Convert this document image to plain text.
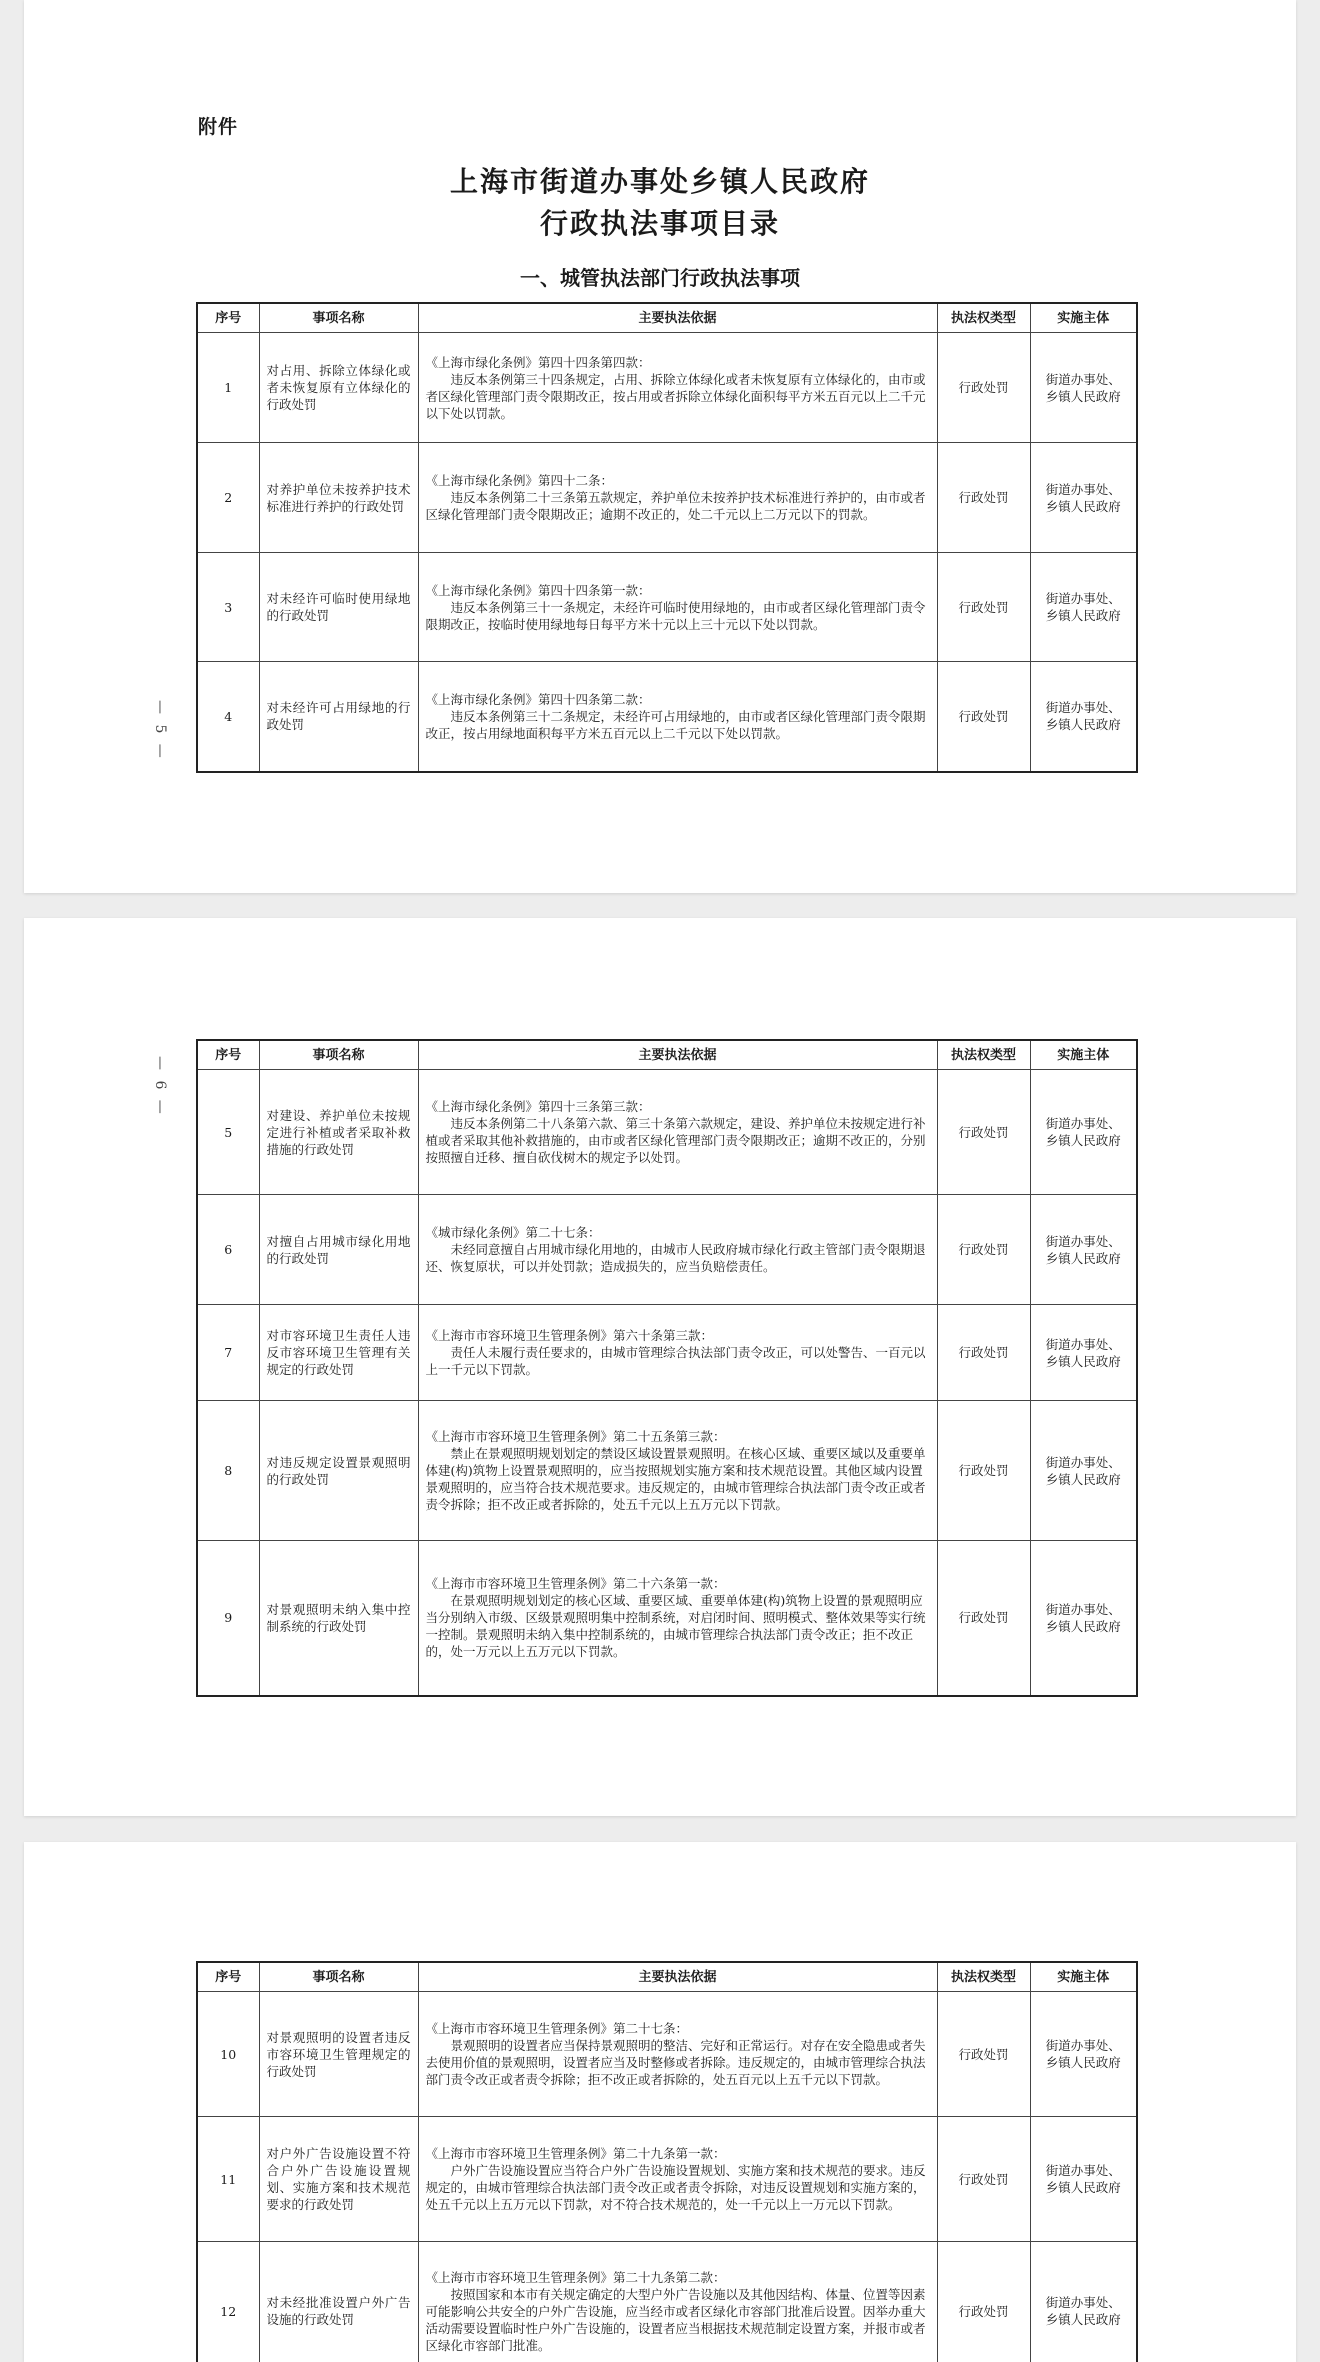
附件
上海市街道办事处乡镇人民政府
行政执法事项目录
一、城管执法部门行政执法事项
— 5 —
序号	事项名称	主要执法依据	执法权类型	实施主体
1	对占用、拆除立体绿化或者未恢复原有立体绿化的行政处罚	《上海市绿化条例》第四十四条第四款：
违反本条例第三十四条规定，占用、拆除立体绿化或者未恢复原有立体绿化的，由市或者区绿化管理部门责令限期改正，按占用或者拆除立体绿化面积每平方米五百元以上二千元以下处以罚款。	行政处罚	街道办事处、
乡镇人民政府

2	对养护单位未按养护技术标准进行养护的行政处罚	《上海市绿化条例》第四十二条：
违反本条例第二十三条第五款规定，养护单位未按养护技术标准进行养护的，由市或者区绿化管理部门责令限期改正；逾期不改正的，处二千元以上二万元以下的罚款。	行政处罚	街道办事处、
乡镇人民政府

3	对未经许可临时使用绿地的行政处罚	《上海市绿化条例》第四十四条第一款：
违反本条例第三十一条规定，未经许可临时使用绿地的，由市或者区绿化管理部门责令限期改正，按临时使用绿地每日每平方米十元以上三十元以下处以罚款。	行政处罚	街道办事处、
乡镇人民政府

4	对未经许可占用绿地的行政处罚	《上海市绿化条例》第四十四条第二款：
违反本条例第三十二条规定，未经许可占用绿地的，由市或者区绿化管理部门责令限期改正，按占用绿地面积每平方米五百元以上二千元以下处以罚款。	行政处罚	街道办事处、
乡镇人民政府
— 6 —
序号	事项名称	主要执法依据	执法权类型	实施主体
5	对建设、养护单位未按规定进行补植或者采取补救措施的行政处罚	《上海市绿化条例》第四十三条第三款：
违反本条例第二十八条第六款、第三十条第六款规定，建设、养护单位未按规定进行补植或者采取其他补救措施的，由市或者区绿化管理部门责令限期改正；逾期不改正的，分别按照擅自迁移、擅自砍伐树木的规定予以处罚。	行政处罚	街道办事处、
乡镇人民政府

6	对擅自占用城市绿化用地的行政处罚	《城市绿化条例》第二十七条：
未经同意擅自占用城市绿化用地的，由城市人民政府城市绿化行政主管部门责令限期退还、恢复原状，可以并处罚款；造成损失的，应当负赔偿责任。	行政处罚	街道办事处、
乡镇人民政府

7	对市容环境卫生责任人违反市容环境卫生管理有关规定的行政处罚	《上海市市容环境卫生管理条例》第六十条第三款：
责任人未履行责任要求的，由城市管理综合执法部门责令改正，可以处警告、一百元以上一千元以下罚款。	行政处罚	街道办事处、
乡镇人民政府

8	对违反规定设置景观照明的行政处罚	《上海市市容环境卫生管理条例》第二十五条第三款：
禁止在景观照明规划划定的禁设区域设置景观照明。在核心区域、重要区域以及重要单体建(构)筑物上设置景观照明的，应当按照规划实施方案和技术规范设置。其他区域内设置景观照明的，应当符合技术规范要求。违反规定的，由城市管理综合执法部门责令改正或者责令拆除；拒不改正或者拆除的，处五千元以上五万元以下罚款。	行政处罚	街道办事处、
乡镇人民政府

9	对景观照明未纳入集中控制系统的行政处罚	《上海市市容环境卫生管理条例》第二十六条第一款：
在景观照明规划划定的核心区域、重要区域、重要单体建(构)筑物上设置的景观照明应当分别纳入市级、区级景观照明集中控制系统，对启闭时间、照明模式、整体效果等实行统一控制。景观照明未纳入集中控制系统的，由城市管理综合执法部门责令改正；拒不改正的，处一万元以上五万元以下罚款。	行政处罚	街道办事处、
乡镇人民政府
序号	事项名称	主要执法依据	执法权类型	实施主体
10	对景观照明的设置者违反市容环境卫生管理规定的行政处罚	《上海市市容环境卫生管理条例》第二十七条：
景观照明的设置者应当保持景观照明的整洁、完好和正常运行。对存在安全隐患或者失去使用价值的景观照明，设置者应当及时整修或者拆除。违反规定的，由城市管理综合执法部门责令改正或者责令拆除；拒不改正或者拆除的，处五百元以上五千元以下罚款。	行政处罚	街道办事处、
乡镇人民政府

11	对户外广告设施设置不符合户外广告设施设置规划、实施方案和技术规范要求的行政处罚	《上海市市容环境卫生管理条例》第二十九条第一款：
户外广告设施设置应当符合户外广告设施设置规划、实施方案和技术规范的要求。违反规定的，由城市管理综合执法部门责令改正或者责令拆除，对违反设置规划和实施方案的，处五千元以上五万元以下罚款，对不符合技术规范的，处一千元以上一万元以下罚款。	行政处罚	街道办事处、
乡镇人民政府

12	对未经批准设置户外广告设施的行政处罚	《上海市市容环境卫生管理条例》第二十九条第二款：
按照国家和本市有关规定确定的大型户外广告设施以及其他因结构、体量、位置等因素可能影响公共安全的户外广告设施，应当经市或者区绿化市容部门批准后设置。因举办重大活动需要设置临时性户外广告设施的，设置者应当根据技术规范制定设置方案，并报市或者区绿化市容部门批准。	行政处罚	街道办事处、
乡镇人民政府
